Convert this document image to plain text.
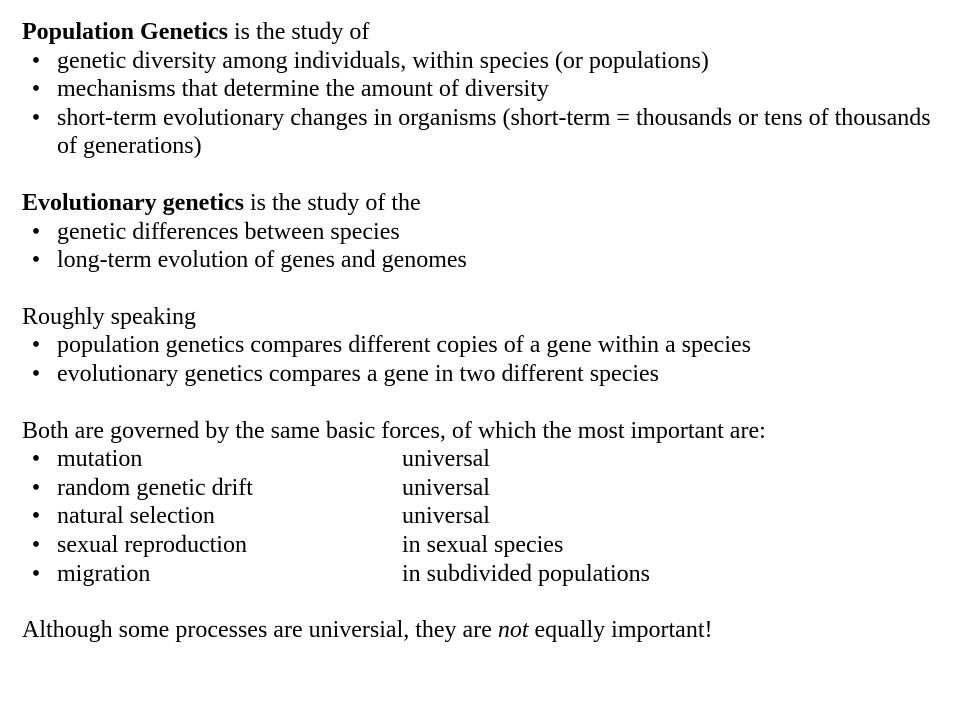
Population Genetics is the study of
• genetic diversity among individuals, within species (or populations)
• mechanisms that determine the amount of diversity
• short-term evolutionary changes in organisms (short-term = thousands or tens of thousands of generations)
Evolutionary genetics is the study of the
• genetic differences between species
• long-term evolution of genes and genomes
Roughly speaking
• population genetics compares different copies of a gene within a species
• evolutionary genetics compares a gene in two different species
Both are governed by the same basic forces, of which the most important are:
• mutation	universal
• random genetic drift	universal
• natural selection	universal
• sexual reproduction	in sexual species
• migration	in subdivided populations
Although some processes are universial, they are not equally important!
